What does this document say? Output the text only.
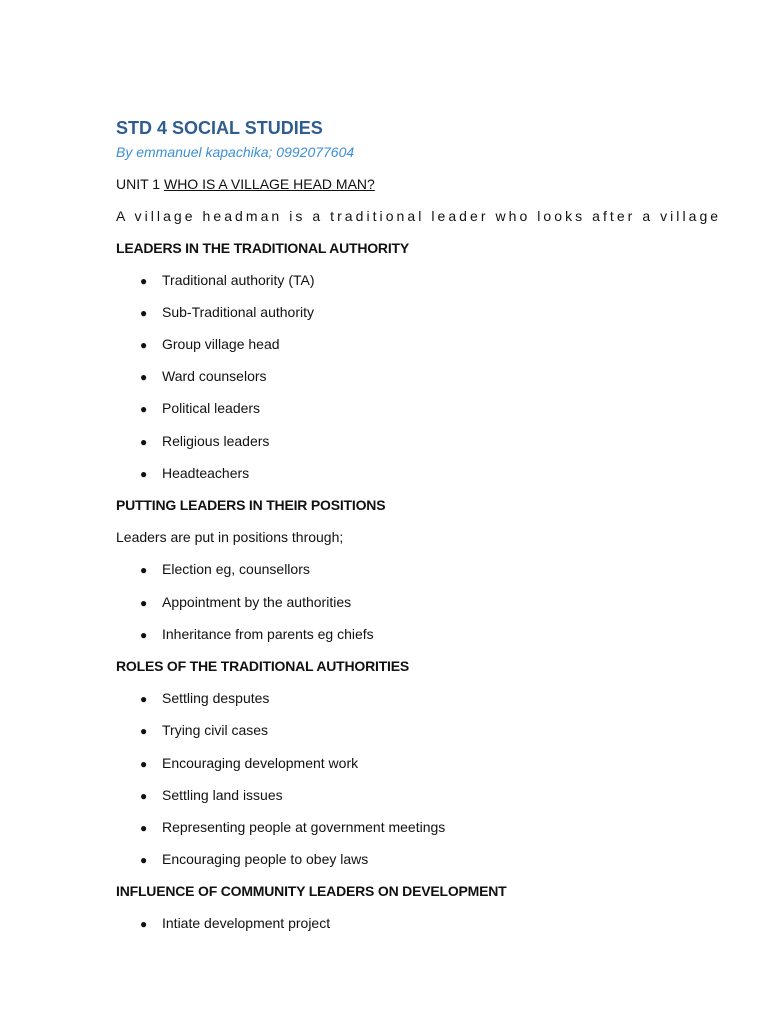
STD 4 SOCIAL STUDIES
By emmanuel kapachika; 0992077604
UNIT 1 WHO IS A VILLAGE HEAD MAN?
A village headman is a traditional leader who looks after a village
LEADERS IN THE TRADITIONAL AUTHORITY
● Traditional authority (TA)
● Sub-Traditional authority
● Group village head
● Ward counselors
● Political leaders
● Religious leaders
● Headteachers
PUTTING LEADERS IN THEIR POSITIONS
Leaders are put in positions through;
● Election eg, counsellors
● Appointment by the authorities
● Inheritance from parents eg chiefs
ROLES OF THE TRADITIONAL AUTHORITIES
● Settling desputes
● Trying civil cases
● Encouraging development work
● Settling land issues
● Representing people at government meetings
● Encouraging people to obey laws
INFLUENCE OF COMMUNITY LEADERS ON DEVELOPMENT
● Intiate development project
